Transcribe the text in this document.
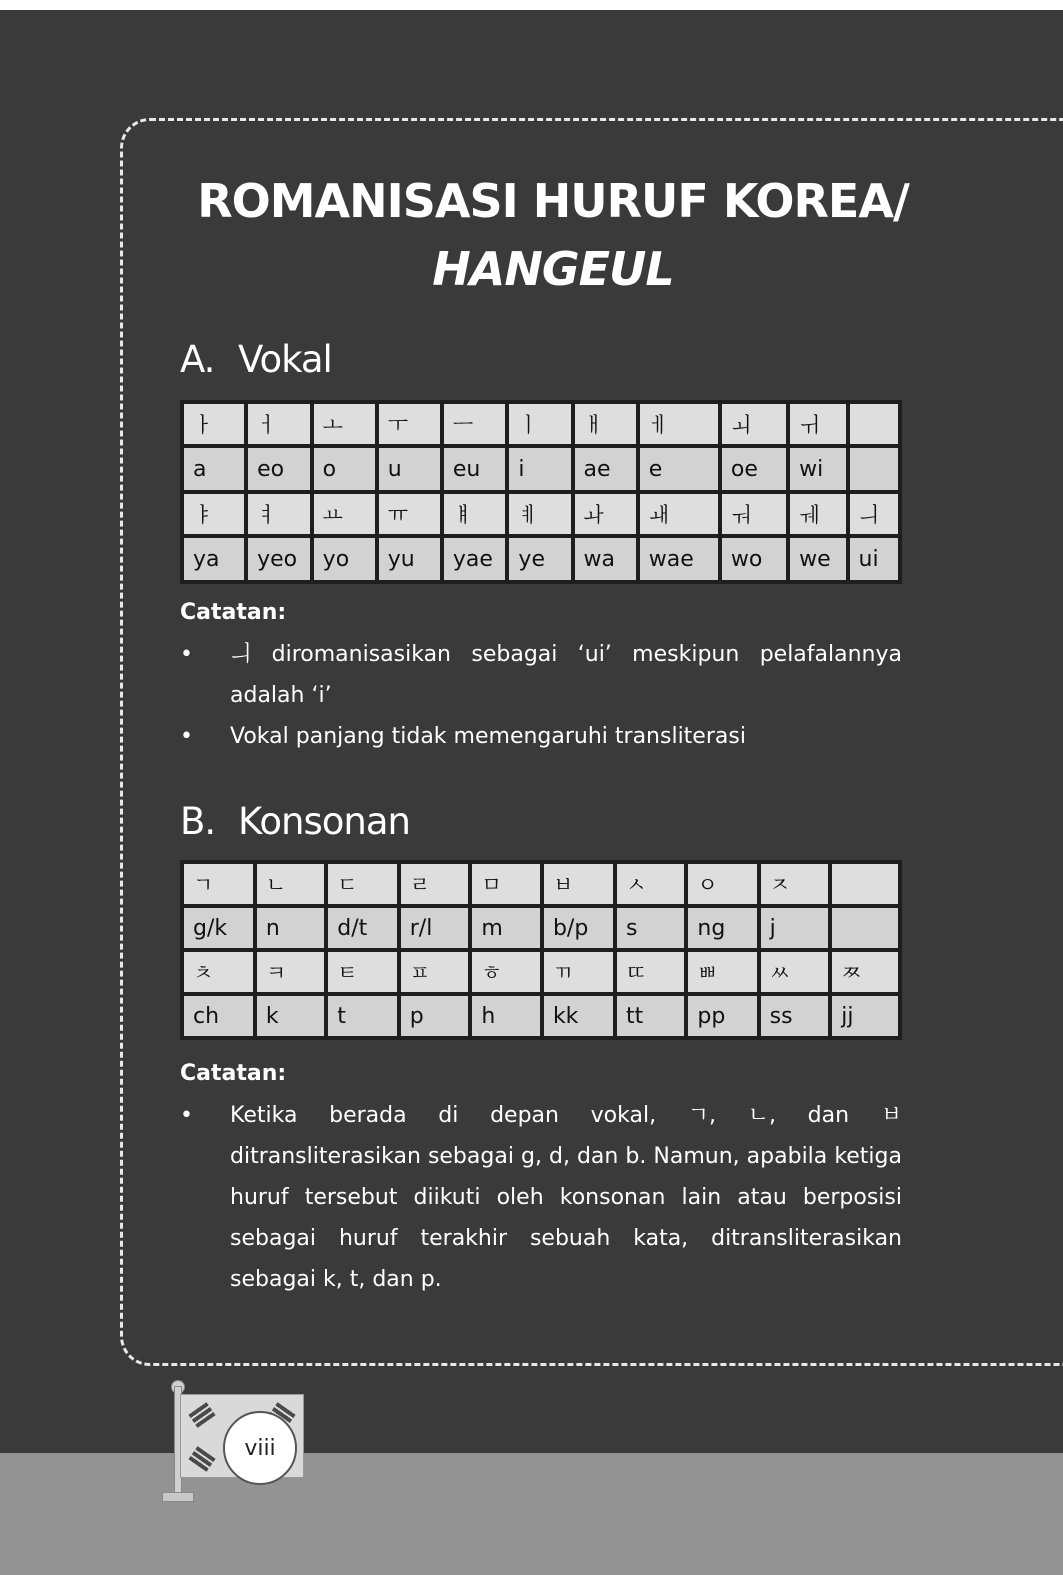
ROMANISASI HURUF KOREA/
HANGEUL
A. Vokal
ㅏ	ㅓ	ㅗ	ㅜ	ㅡ	ㅣ	ㅐ	ㅔ	ㅚ	ㅟ	
a	eo	o	u	eu	i	ae	e	oe	wi	
ㅑ	ㅕ	ㅛ	ㅠ	ㅒ	ㅖ	ㅘ	ㅙ	ㅝ	ㅞ	ㅢ
ya	yeo	yo	yu	yae	ye	wa	wae	wo	we	ui

Catatan:

• ㅢ diromanisasikan sebagai ‘ui’ meskipun pelafalannya adalah ‘i’
• Vokal panjang tidak memengaruhi transliterasi
B. Konsonan
ㄱ	ㄴ	ㄷ	ㄹ	ㅁ	ㅂ	ㅅ	ㅇ	ㅈ	
g/k	n	d/t	r/l	m	b/p	s	ng	j	
ㅊ	ㅋ	ㅌ	ㅍ	ㅎ	ㄲ	ㄸ	ㅃ	ㅆ	ㅉ
ch	k	t	p	h	kk	tt	pp	ss	jj

Catatan:

• Ketika berada di depan vokal, ㄱ, ㄴ, dan ㅂ ditransliterasikan sebagai g, d, dan b. Namun, apabila ketiga huruf tersebut diikuti oleh konsonan lain atau berposisi sebagai huruf terakhir sebuah kata, ditransliterasikan sebagai k, t, dan p.
viii
